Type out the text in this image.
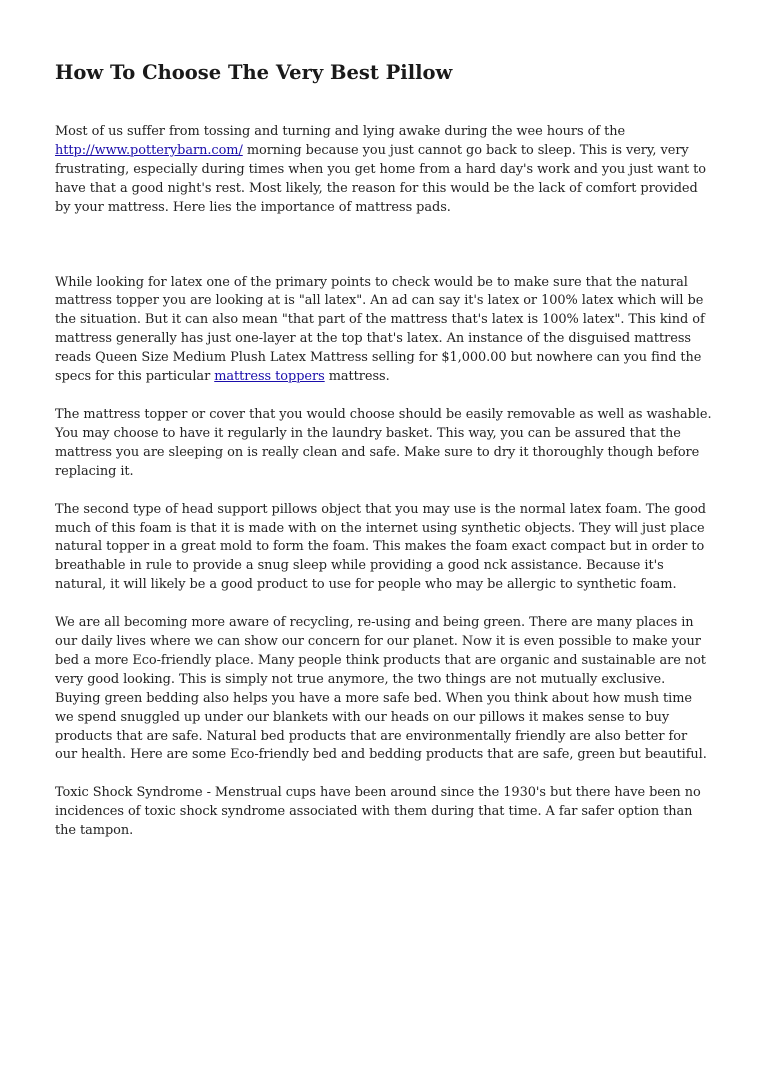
How To Choose The Very Best Pillow

Most of us suffer from tossing and turning and lying awake during the wee hours of the http://www.potterybarn.com/ morning because you just cannot go back to sleep. This is very, very frustrating, especially during times when you get home from a hard day's work and you just want to have that a good night's rest. Most likely, the reason for this would be the lack of comfort provided by your mattress. Here lies the importance of mattress pads.

While looking for latex one of the primary points to check would be to make sure that the natural mattress topper you are looking at is "all latex". An ad can say it's latex or 100% latex which will be the situation. But it can also mean "that part of the mattress that's latex is 100% latex". This kind of mattress generally has just one-layer at the top that's latex. An instance of the disguised mattress reads Queen Size Medium Plush Latex Mattress selling for $1,000.00 but nowhere can you find the specs for this particular mattress toppers mattress.

The mattress topper or cover that you would choose should be easily removable as well as washable. You may choose to have it regularly in the laundry basket. This way, you can be assured that the mattress you are sleeping on is really clean and safe. Make sure to dry it thoroughly though before replacing it.

The second type of head support pillows object that you may use is the normal latex foam. The good much of this foam is that it is made with on the internet using synthetic objects. They will just place natural topper in a great mold to form the foam. This makes the foam exact compact but in order to breathable in rule to provide a snug sleep while providing a good nck assistance. Because it's natural, it will likely be a good product to use for people who may be allergic to synthetic foam.

We are all becoming more aware of recycling, re-using and being green. There are many places in our daily lives where we can show our concern for our planet. Now it is even possible to make your bed a more Eco-friendly place. Many people think products that are organic and sustainable are not very good looking. This is simply not true anymore, the two things are not mutually exclusive. Buying green bedding also helps you have a more safe bed. When you think about how mush time we spend snuggled up under our blankets with our heads on our pillows it makes sense to buy products that are safe. Natural bed products that are environmentally friendly are also better for our health. Here are some Eco-friendly bed and bedding products that are safe, green but beautiful.

Toxic Shock Syndrome - Menstrual cups have been around since the 1930's but there have been no incidences of toxic shock syndrome associated with them during that time. A far safer option than the tampon.
